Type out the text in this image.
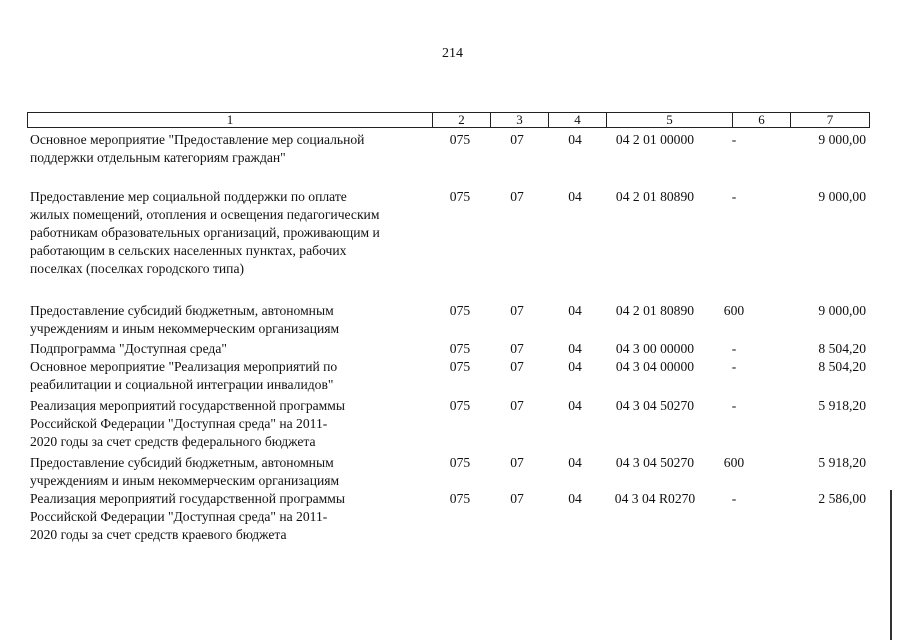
214
1	2	3	4	5	6	7
Основное мероприятие "Предоставление мер социальной
поддержки отдельным категориям граждан"
075	07	04	04 2 01 00000	-	9 000,00
Предоставление мер социальной поддержки по оплате
жилых помещений, отопления и освещения педагогическим
работникам образовательных организаций, проживающим и
работающим в сельских населенных пунктах, рабочих
поселках (поселках городского типа)
075	07	04	04 2 01 80890	-	9 000,00
Предоставление субсидий бюджетным, автономным
учреждениям и иным некоммерческим организациям
075	07	04	04 2 01 80890	600	9 000,00
Подпрограмма "Доступная среда"	075	07	04	04 3 00 00000	-	8 504,20
Основное мероприятие "Реализация мероприятий по
реабилитации и социальной интеграции инвалидов"
075	07	04	04 3 04 00000	-	8 504,20
Реализация мероприятий государственной программы
Российской Федерации "Доступная среда" на 2011-
2020 годы за счет средств федерального бюджета
075	07	04	04 3 04 50270	-	5 918,20
Предоставление субсидий бюджетным, автономным
учреждениям и иным некоммерческим организациям
075	07	04	04 3 04 50270	600	5 918,20
Реализация мероприятий государственной программы
Российской Федерации "Доступная среда" на 2011-
2020 годы за счет средств краевого бюджета
075	07	04	04 3 04 R0270	-	2 586,00
